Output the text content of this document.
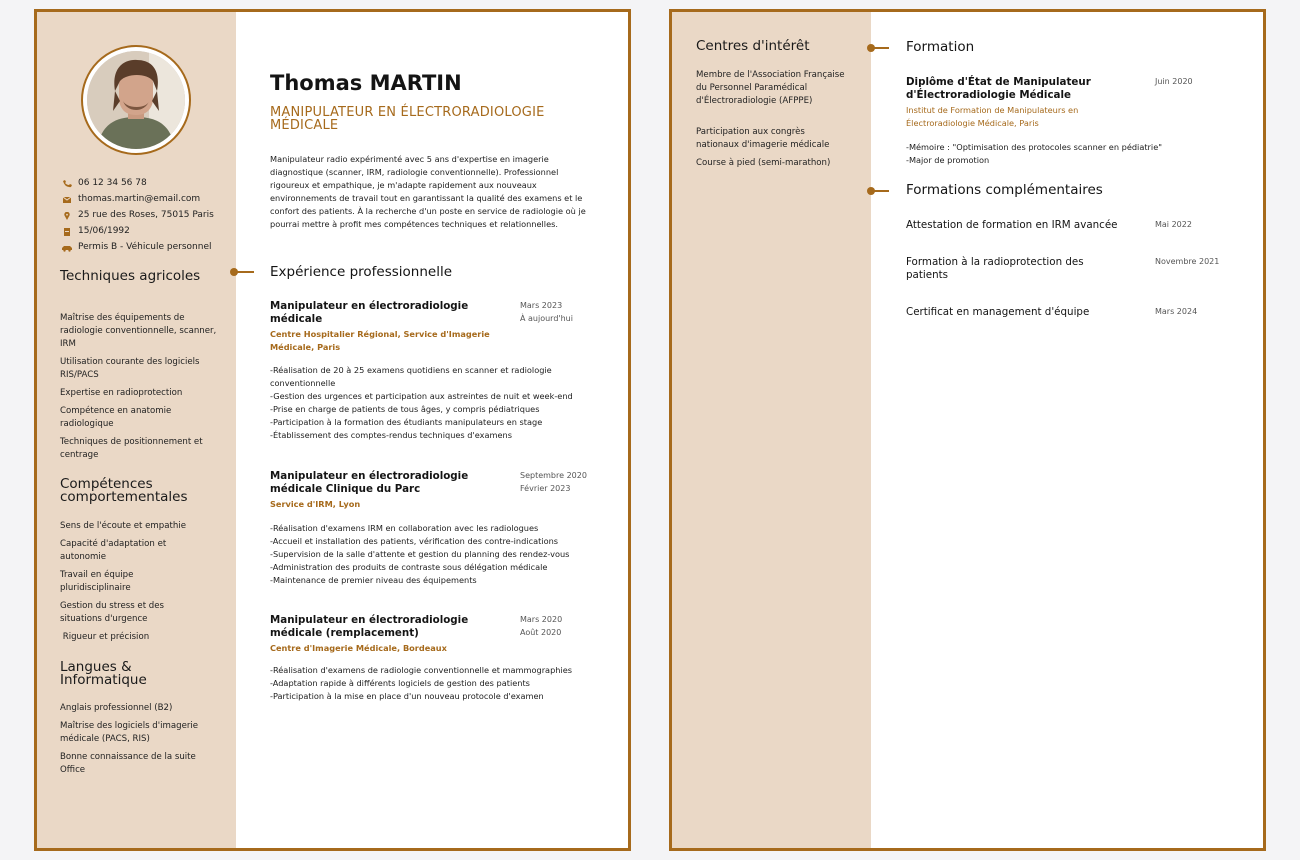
06 12 34 56 78
thomas.martin@email.com
25 rue des Roses, 75015 Paris
15/06/1992
Permis B - Véhicule personnel
Techniques agricoles
Maîtrise des équipements de radiologie conventionnelle, scanner, IRM
Utilisation courante des logiciels RIS/PACS
Expertise en radioprotection
Compétence en anatomie radiologique
Techniques de positionnement et centrage
Compétences comportementales
Sens de l'écoute et empathie
Capacité d'adaptation et autonomie
Travail en équipe pluridisciplinaire
Gestion du stress et des situations d'urgence
Rigueur et précision
Langues & Informatique
Anglais professionnel (B2)
Maîtrise des logiciels d'imagerie médicale (PACS, RIS)
Bonne connaissance de la suite Office
Thomas MARTIN
MANIPULATEUR EN ÉLECTRORADIOLOGIE MÉDICALE
Manipulateur radio expérimenté avec 5 ans d'expertise en imagerie diagnostique (scanner, IRM, radiologie conventionnelle). Professionnel rigoureux et empathique, je m'adapte rapidement aux nouveaux environnements de travail tout en garantissant la qualité des examens et le confort des patients. À la recherche d'un poste en service de radiologie où je pourrai mettre à profit mes compétences techniques et relationnelles.
Expérience professionnelle
Manipulateur en électroradiologie médicale
Mars 2023
À aujourd'hui
Centre Hospitalier Régional, Service d'Imagerie Médicale, Paris
-Réalisation de 20 à 25 examens quotidiens en scanner et radiologie conventionnelle
-Gestion des urgences et participation aux astreintes de nuit et week-end
-Prise en charge de patients de tous âges, y compris pédiatriques
-Participation à la formation des étudiants manipulateurs en stage
-Établissement des comptes-rendus techniques d'examens
Manipulateur en électroradiologie médicale Clinique du Parc
Septembre 2020
Février 2023
Service d'IRM, Lyon
-Réalisation d'examens IRM en collaboration avec les radiologues
-Accueil et installation des patients, vérification des contre-indications
-Supervision de la salle d'attente et gestion du planning des rendez-vous
-Administration des produits de contraste sous délégation médicale
-Maintenance de premier niveau des équipements
Manipulateur en électroradiologie médicale (remplacement)
Mars 2020
Août 2020
Centre d'Imagerie Médicale, Bordeaux
-Réalisation d'examens de radiologie conventionnelle et mammographies
-Adaptation rapide à différents logiciels de gestion des patients
-Participation à la mise en place d'un nouveau protocole d'examen
Centres d'intérêt
Membre de l'Association Française du Personnel Paramédical d'Électroradiologie (AFPPE)
Participation aux congrès nationaux d'imagerie médicale
Course à pied (semi-marathon)
Formation
Diplôme d'État de Manipulateur d'Électroradiologie Médicale
Juin 2020
Institut de Formation de Manipulateurs en Électroradiologie Médicale, Paris
-Mémoire : "Optimisation des protocoles scanner en pédiatrie"
-Major de promotion
Formations complémentaires
Attestation de formation en IRM avancée	Mai 2022
Formation à la radioprotection des patients
Novembre 2021
Certificat en management d'équipe	Mars 2024
